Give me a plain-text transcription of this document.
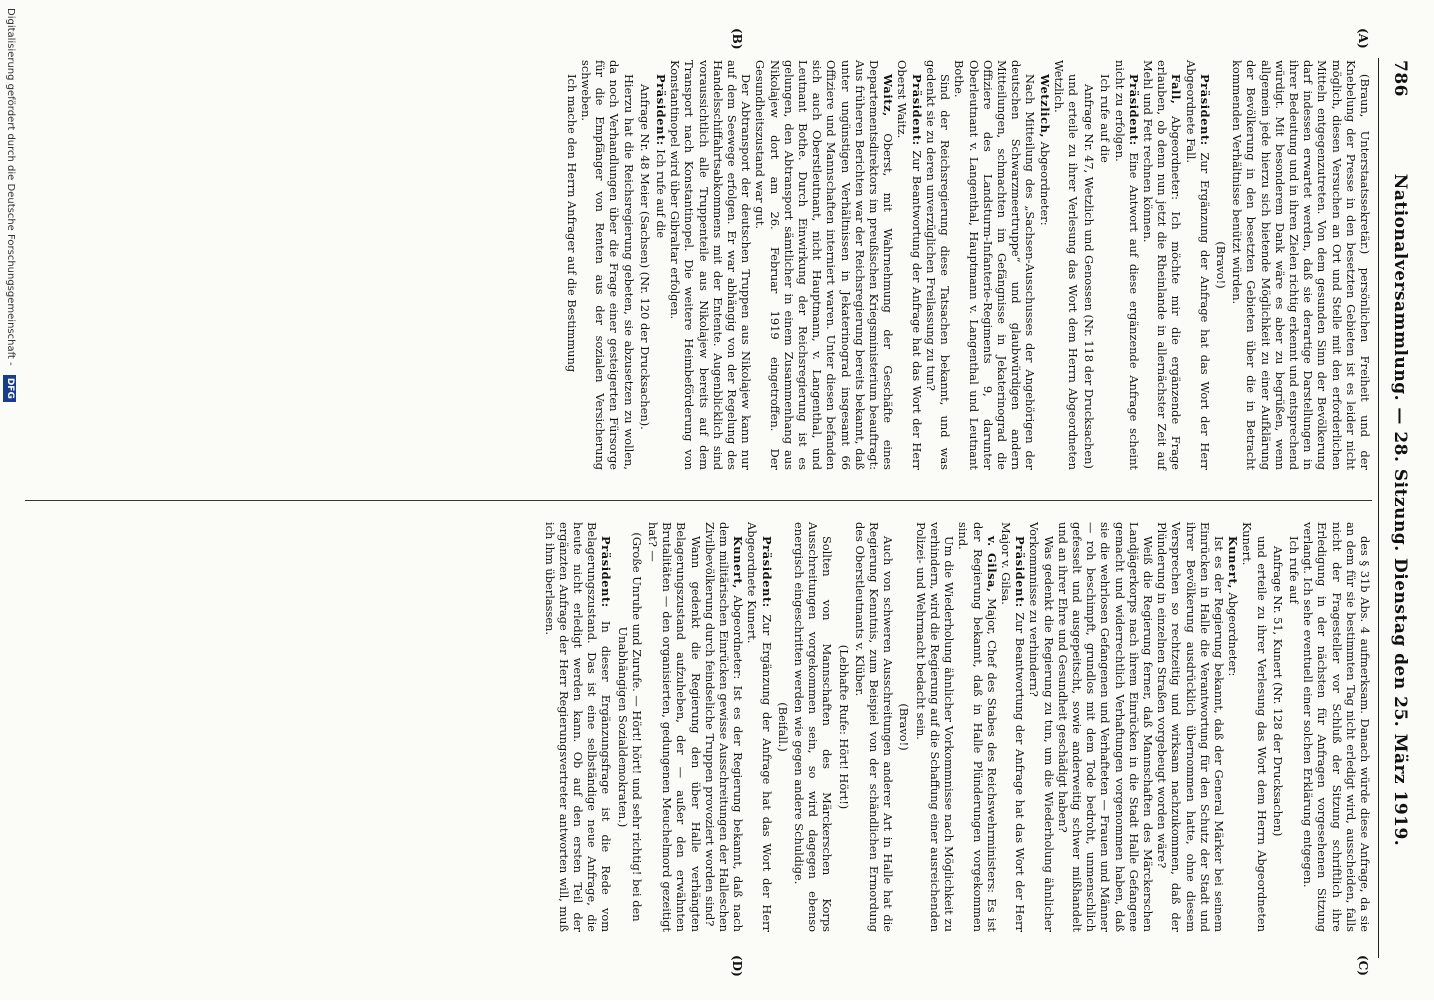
786
Nationalversammlung. — 28. Sitzung. Dienstag den 25. März 1919.
(A)
(B)
(C)
(D)

(Braun, Unterstaatssekretär.) persönlichen Freiheit und der Knebelung der Presse in den besetzten Gebieten ist es leider nicht möglich, diesen Versuchen an Ort und Stelle mit den erforderlichen Mitteln entgegenzutreten. Von dem gesunden Sinn der Bevölkerung darf indessen erwartet werden, daß sie derartige Darstellungen in ihrer Bedeutung und in ihren Zielen richtig erkennt und entsprechend würdigt. Mit besonderem Dank wäre es aber zu begrüßen, wenn allgemein jede hierzu sich bietende Möglichkeit zu einer Aufklärung der Bevölkerung in den besetzten Gebieten über die in Betracht kommenden Verhältnisse benützt würden.

(Bravo!)

Präsident: Zur Ergänzung der Anfrage hat das Wort der Herr Abgeordnete Fall.

Fall, Abgeordneter: Ich möchte mir die ergänzende Frage erlauben, ob denn nun jetzt die Rheinlande in allernächster Zeit auf Mehl und Fett rechnen können.

Präsident: Eine Antwort auf diese ergänzende Anfrage scheint nicht zu erfolgen.

Ich rufe auf die

Anfrage Nr. 47, Wetzlich und Genossen (Nr. 118 der Drucksachen)

und erteile zu ihrer Verlesung das Wort dem Herrn Abgeordneten Wetzlich.

Wetzlich, Abgeordneter:

Nach Mitteilung des „Sachsen-Ausschusses der Angehörigen der deutschen Schwarzmeertruppe“ und glaubwürdigen andern Mitteilungen, schmachten im Gefängnisse in Jekaterinograd die Offiziere des Landsturm-Infanterie-Regiments 9, darunter Oberleutnant v. Langenthal, Hauptmann v. Langenthal und Leutnant Bothe.

Sind der Reichsregierung diese Tatsachen bekannt, und was gedenkt sie zu deren unverzüglichen Freilassung zu tun?

Präsident: Zur Beantwortung der Anfrage hat das Wort der Herr Oberst Waitz.

Waitz, Oberst, mit Wahrnehmung der Geschäfte eines Departementsdirektors im preußischen Kriegsministerium beauftragt: Aus früheren Berichten war der Reichsregierung bereits bekannt, daß unter ungünstigen Verhältnissen in Jekaterinograd insgesamt 66 Offiziere und Mannschaften interniert waren. Unter diesen befanden sich auch Oberstleutnant, nicht Hauptmann, v. Langenthal, und Leutnant Bothe. Durch Einwirkung der Reichsregierung ist es gelungen, den Abtransport sämtlicher in einem Zusammenhang aus Nikolajew dort am 26. Februar 1919 eingetroffen. Der Gesundheitszustand war gut.

Der Abtransport der deutschen Truppen aus Nikolajew kann nur auf dem Seewege erfolgen. Er war abhängig von der Regelung des Handelsschiffahrtsabkommens mit der Entente. Augenblicklich sind voraussichtlich alle Truppenteile aus Nikolajew bereits auf dem Transport nach Konstantinopel. Die weitere Heimbeförderung von Konstantinopel wird über Gibraltar erfolgen.

Präsident: Ich rufe auf die

Anfrage Nr. 48 Meier (Sachsen) (Nr. 120 der Drucksachen).

Hierzu hat die Reichsregierung gebeten, sie abzusetzen zu wollen, da noch Verhandlungen über die Frage einer gesteigerten Fürsorge für die Empfänger von Renten aus der sozialen Versicherung schweben.

Ich mache den Herrn Anfrager auf die Bestimmung

des § 31b Abs. 4 aufmerksam. Danach würde diese Anfrage, da sie an dem für sie bestimmten Tag nicht erledigt wird, ausscheiden, falls nicht der Fragesteller vor Schluß der Sitzung schriftlich ihre Erledigung in der nächsten für Anfragen vorgesehenen Sitzung verlangt. Ich sehe eventuell einer solchen Erklärung entgegen.

Ich rufe auf

Anfrage Nr. 51, Kunert (Nr. 128 der Drucksachen)

und erteile zu ihrer Verlesung das Wort dem Herrn Abgeordneten Kunert.

Kunert, Abgeordneter:

Ist es der Regierung bekannt, daß der General Märker bei seinem Einrücken in Halle die Verantwortung für den Schutz der Stadt und ihrer Bevölkerung ausdrücklich übernommen hatte, ohne diesem Versprechen so rechtzeitig und wirksam nachzukommen, daß der Plünderung in einzelnen Straßen vorgebeugt worden wäre?

Weiß die Regierung ferner, daß Mannschaften des Märckerschen Landjägerkorps nach ihrem Einrücken in die Stadt Halle Gefangene gemacht und widerrechtlich Verhaftungen vorgenommen haben, daß sie die wehrlosen Gefangenen und Verhafteten — Frauen und Männer — roh beschimpft, grundlos mit dem Tode bedroht, unmenschlich gefesselt und ausgepeitscht, sowie anderweitig schwer mißhandelt und an ihrer Ehre und Gesundheit geschädigt haben?

Was gedenkt die Regierung zu tun, um die Wiederholung ähnlicher Vorkommnisse zu verhindern?

Präsident: Zur Beantwortung der Anfrage hat das Wort der Herr Major v. Gilsa.

v. Gilsa, Major, Chef des Stabes des Reichswehrministers: Es ist der Regierung bekannt, daß in Halle Plünderungen vorgekommen sind.

Um die Wiederholung ähnlicher Vorkommnisse nach Möglichkeit zu verhindern, wird die Regierung auf die Schaffung einer ausreichenden Polizei- und Wehrmacht bedacht sein.

(Bravo!)

Auch von schweren Ausschreitungen anderer Art in Halle hat die Regierung Kenntnis, zum Beispiel von der schändlichen Ermordung des Oberstleutnants v. Klüber.

(Lebhafte Rufe: Hört! Hört!)

Sollten von Mannschaften des Märckerschen Korps Ausschreitungen vorgekommen sein, so wird dagegen ebenso energisch eingeschritten werden wie gegen andere Schuldige.

(Beifall.)

Präsident: Zur Ergänzung der Anfrage hat das Wort der Herr Abgeordnete Kunert.

Kunert, Abgeordneter: Ist es der Regierung bekannt, daß nach dem militärischen Einrücken gewisse Ausschreitungen der Halleschen Zivilbevölkerung durch feindseliche Truppen provoziert worden sind?

Wann gedenkt die Regierung den über Halle verhängten Belagerungszustand aufzuheben, der — außer den erwähnten Brutalitäten — den organisierten, gedungenen Meuchelmord gezeitigt hat? —

(Große Unruhe und Zurufe. — Hört! hört! und sehr richtig! bei den Unabhängigen Sozialdemokraten.)

Präsident: In dieser Ergänzungsfrage ist die Rede vom Belagerungszustand. Das ist eine selbständige neue Anfrage, die heute nicht erledigt werden kann. Ob auf den ersten Teil der ergänzten Anfrage der Herr Regierungsvertreter antworten will, muß ich ihm überlassen.

Digitalisierung gefördert durch die Deutsche Forschungsgemeinschaft - DFG
